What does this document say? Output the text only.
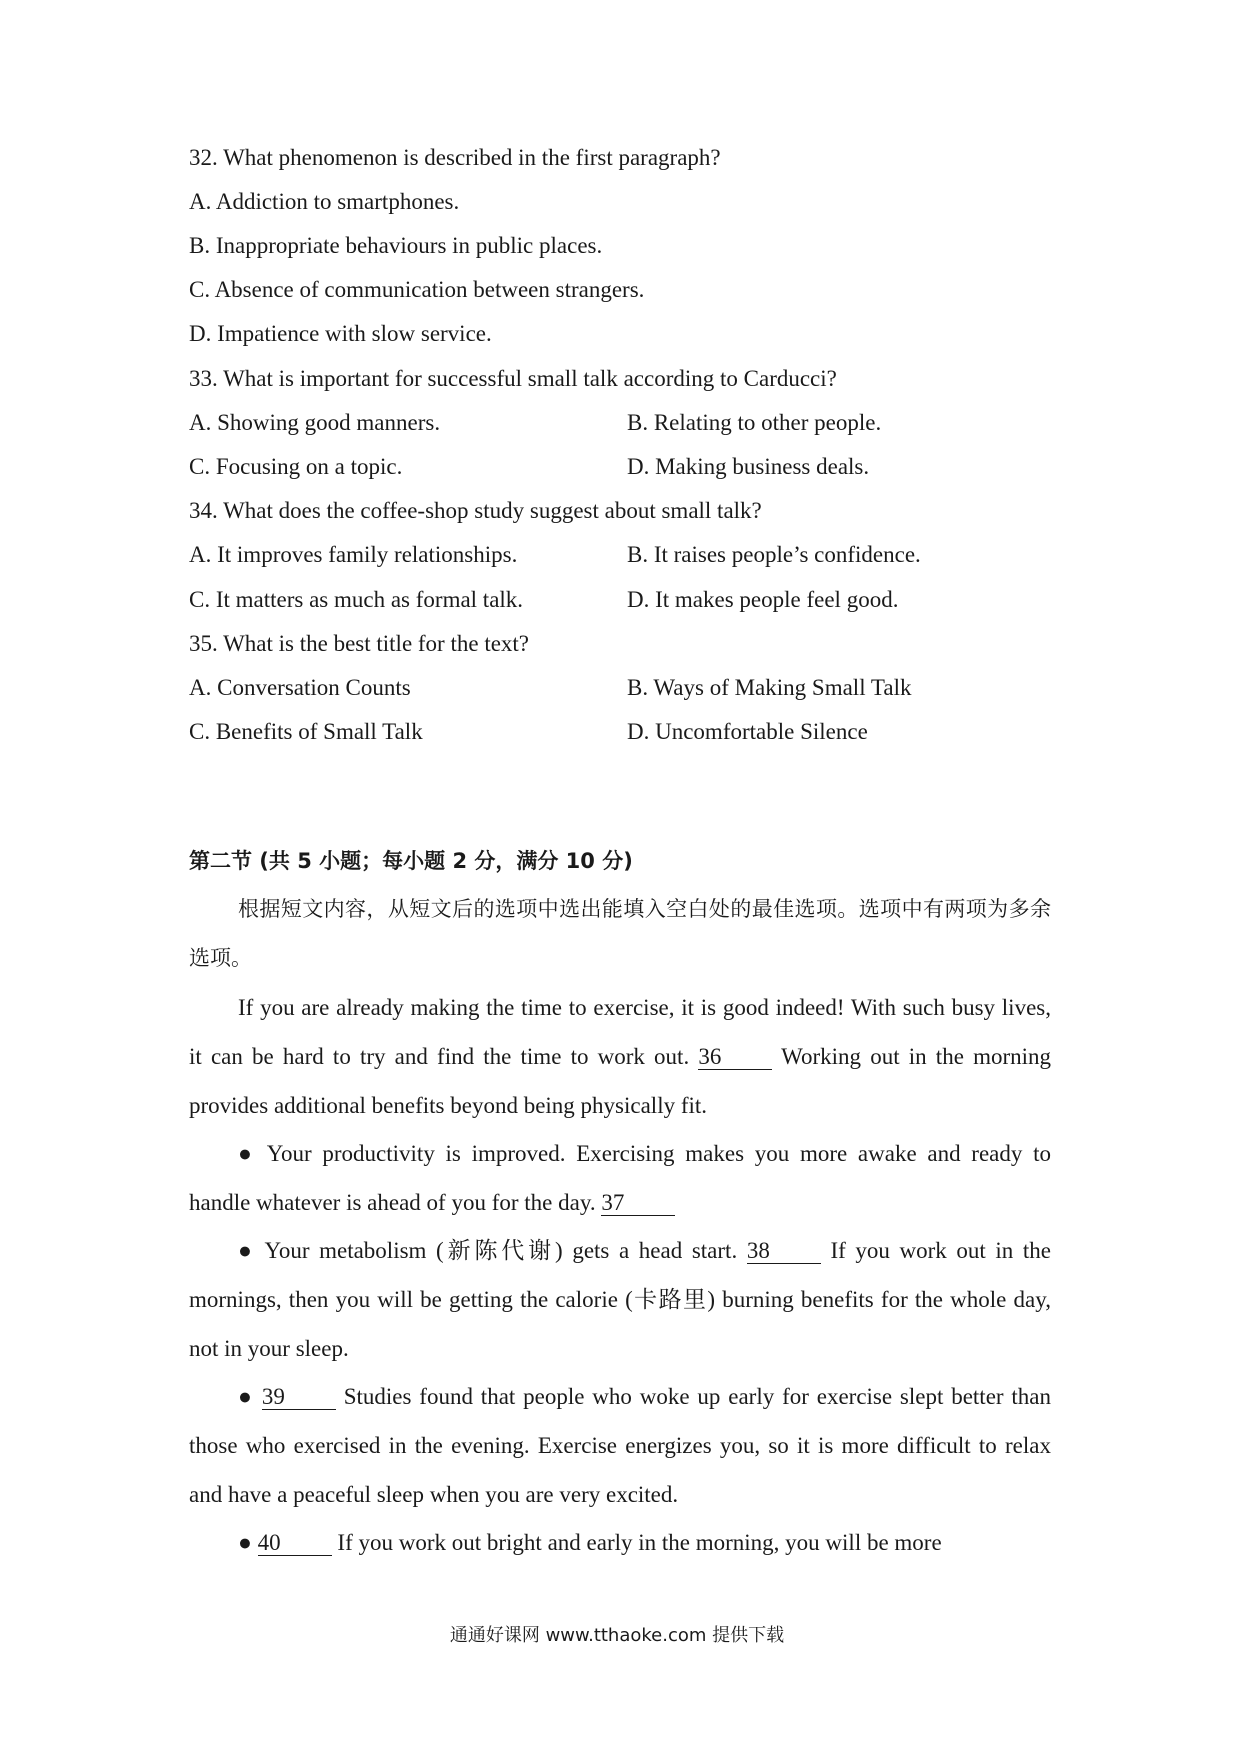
32. What phenomenon is described in the first paragraph?
A. Addiction to smartphones.
B. Inappropriate behaviours in public places.
C. Absence of communication between strangers.
D. Impatience with slow service.
33. What is important for successful small talk according to Carducci?
A. Showing good manners.	B. Relating to other people.
C. Focusing on a topic.	D. Making business deals.
34. What does the coffee-shop study suggest about small talk?
A. It improves family relationships.	B. It raises people’s confidence.
C. It matters as much as formal talk.	D. It makes people feel good.
35. What is the best title for the text?
A. Conversation Counts	B. Ways of Making Small Talk
C. Benefits of Small Talk	D. Uncomfortable Silence
第二节 (共 5 小题；每小题 2 分，满分 10 分)
根据短文内容，从短文后的选项中选出能填入空白处的最佳选项。选项中有两项为多余选项。
If you are already making the time to exercise, it is good indeed! With such busy lives, it can be hard to try and find the time to work out. 36	Working out in the morning provides additional benefits beyond being physically fit.
● Your productivity is improved. Exercising makes you more awake and ready to handle whatever is ahead of you for the day. 37
● Your metabolism (新陈代谢) gets a head start. 38	If you work out in the mornings, then you will be getting the calorie (卡路里) burning benefits for the whole day, not in your sleep.
● 39	Studies found that people who woke up early for exercise slept better than those who exercised in the evening. Exercise energizes you, so it is more difficult to relax and have a peaceful sleep when you are very excited.
● 40 If you work out bright and early in the morning, you will be more
通通好课网 www.tthaoke.com 提供下载
